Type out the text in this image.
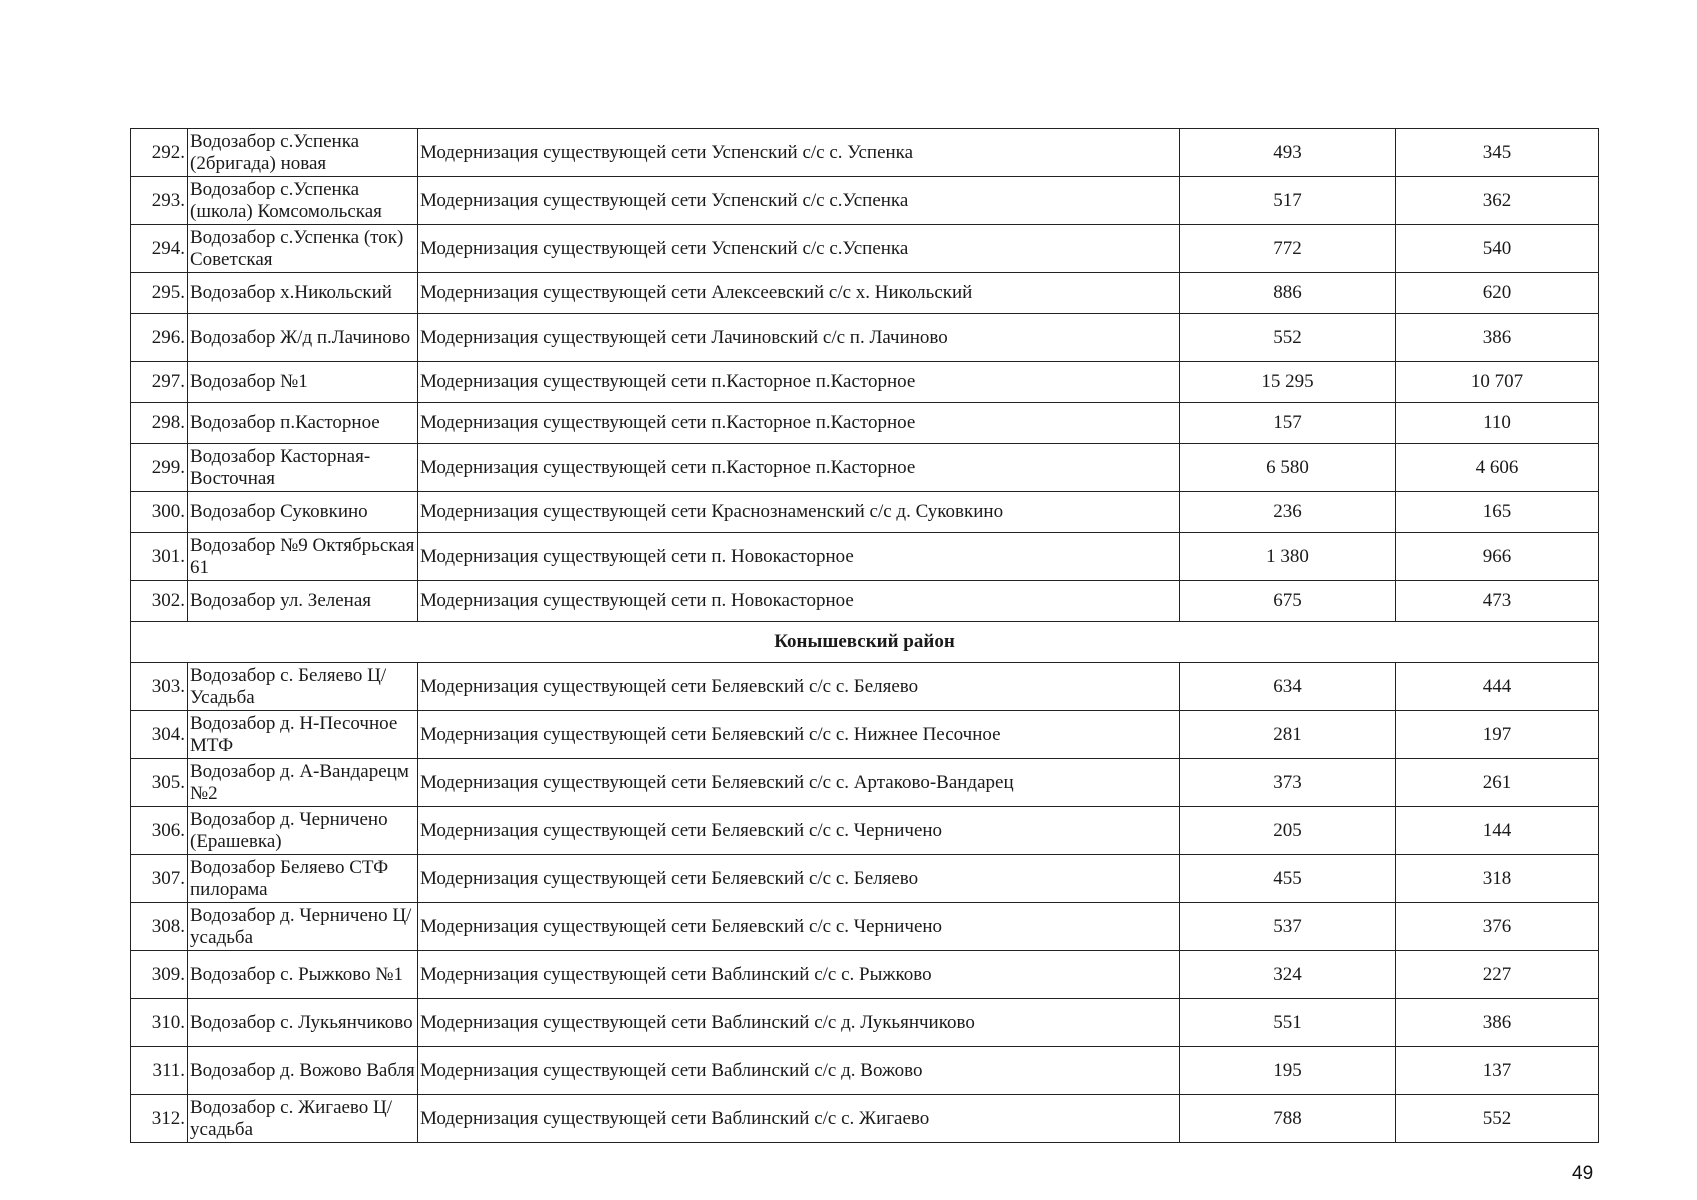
292.	Водозабор с.Успенка (2бригада) новая	Модернизация существующей сети Успенский с/с с. Успенка	493	345
293.	Водозабор с.Успенка (школа) Комсомольская	Модернизация существующей сети Успенский с/с с.Успенка	517	362
294.	Водозабор с.Успенка (ток) Советская	Модернизация существующей сети Успенский с/с с.Успенка	772	540
295.	Водозабор х.Никольский	Модернизация существующей сети Алексеевский с/с х. Никольский	886	620
296.	Водозабор Ж/д п.Лачиново	Модернизация существующей сети Лачиновский с/с п. Лачиново	552	386
297.	Водозабор №1	Модернизация существующей сети п.Касторное п.Касторное	15 295	10 707
298.	Водозабор п.Касторное	Модернизация существующей сети п.Касторное п.Касторное	157	110
299.	Водозабор Касторная-Восточная	Модернизация существующей сети п.Касторное п.Касторное	6 580	4 606
300.	Водозабор Суковкино	Модернизация существующей сети Краснознаменский с/с д. Суковкино	236	165
301.	Водозабор №9 Октябрьская 61	Модернизация существующей сети п. Новокасторное	1 380	966
302.	Водозабор ул. Зеленая	Модернизация существующей сети п. Новокасторное	675	473
Конышевский район				
303.	Водозабор с. Беляево Ц/Усадьба	Модернизация существующей сети Беляевский с/с с. Беляево	634	444
304.	Водозабор д. Н-Песочное МТФ	Модернизация существующей сети Беляевский с/с с. Нижнее Песочное	281	197
305.	Водозабор д. А-Вандарецм №2	Модернизация существующей сети Беляевский с/с с. Артаково-Вандарец	373	261
306.	Водозабор д. Черничено (Ерашевка)	Модернизация существующей сети Беляевский с/с с. Черничено	205	144
307.	Водозабор Беляево СТФ пилорама	Модернизация существующей сети Беляевский с/с с. Беляево	455	318
308.	Водозабор д. Черничено Ц/усадьба	Модернизация существующей сети Беляевский с/с с. Черничено	537	376
309.	Водозабор с. Рыжково №1	Модернизация существующей сети Ваблинский с/с с. Рыжково	324	227
310.	Водозабор с. Лукьянчиково	Модернизация существующей сети Ваблинский с/с д. Лукьянчиково	551	386
311.	Водозабор д. Вожово Вабля	Модернизация существующей сети Ваблинский с/с д. Вожово	195	137
312.	Водозабор с. Жигаево Ц/усадьба	Модернизация существующей сети Ваблинский с/с с. Жигаево	788	552
49
